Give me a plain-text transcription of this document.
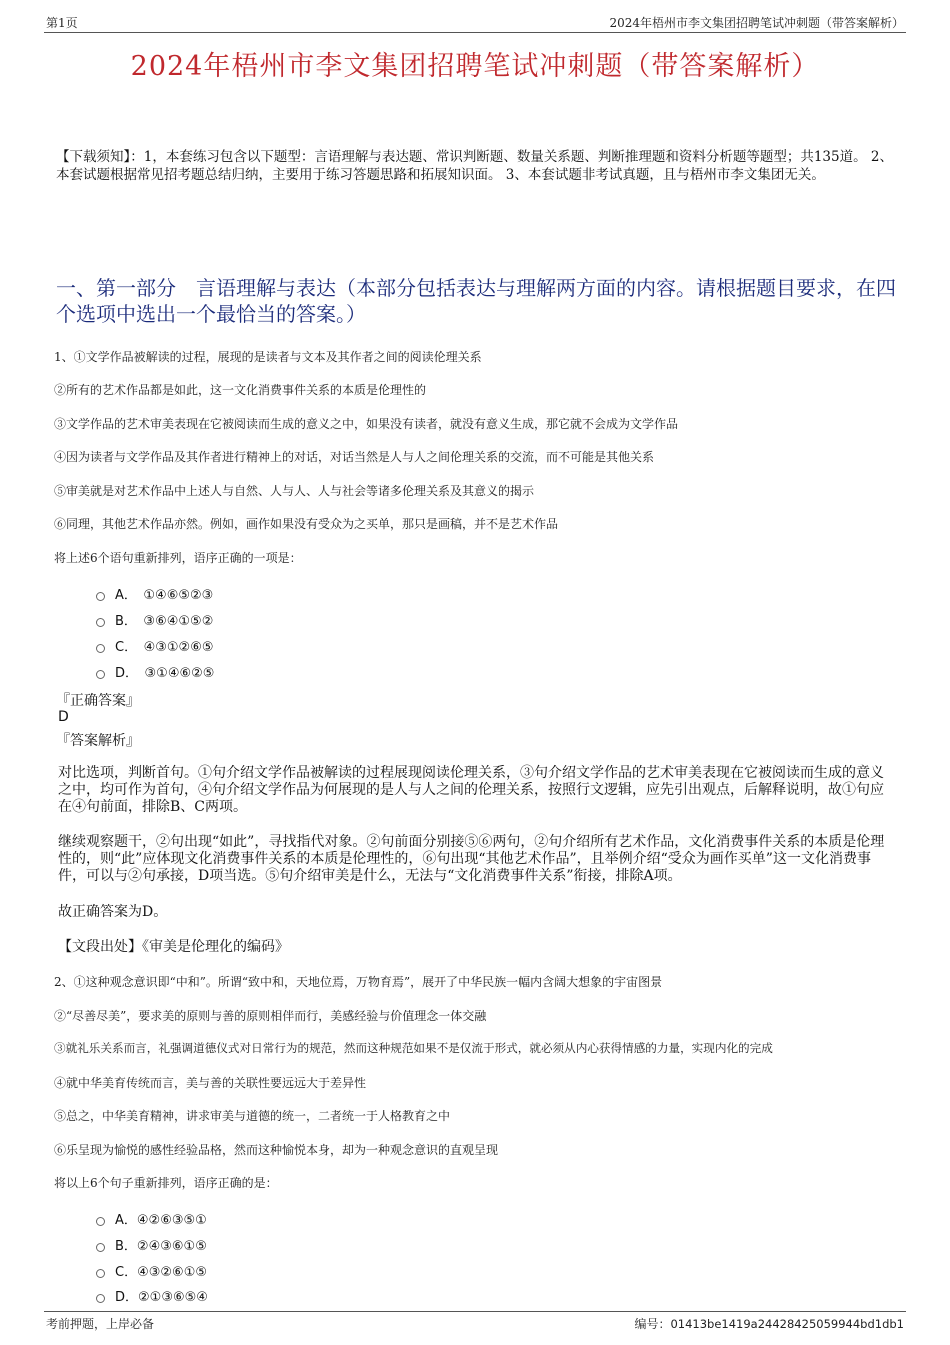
第1页	2024年梧州市李文集团招聘笔试冲刺题（带答案解析）
2024年梧州市李文集团招聘笔试冲刺题（带答案解析）
【下载须知】：1，本套练习包含以下题型：言语理解与表达题、常识判断题、数量关系题、判断推理题和资料分析题等题型；共135道。 2、本套试题根据常见招考题总结归纳，主要用于练习答题思路和拓展知识面。 3、本套试题非考试真题，且与梧州市李文集团无关。
一、第一部分　言语理解与表达（本部分包括表达与理解两方面的内容。请根据题目要求，在四个选项中选出一个最恰当的答案。）
1、①文学作品被解读的过程，展现的是读者与文本及其作者之间的阅读伦理关系
②所有的艺术作品都是如此，这一文化消费事件关系的本质是伦理性的
③文学作品的艺术审美表现在它被阅读而生成的意义之中，如果没有读者，就没有意义生成，那它就不会成为文学作品
④因为读者与文学作品及其作者进行精神上的对话，对话当然是人与人之间伦理关系的交流，而不可能是其他关系
⑤审美就是对艺术作品中上述人与自然、人与人、人与社会等诸多伦理关系及其意义的揭示
⑥同理，其他艺术作品亦然。例如，画作如果没有受众为之买单，那只是画稿，并不是艺术作品
将上述6个语句重新排列，语序正确的一项是：
A．　①④⑥⑤②③
B．　③⑥④①⑤②
C．　④③①②⑥⑤
D．　③①④⑥②⑤
『正确答案』
D
『答案解析』
对比选项，判断首句。①句介绍文学作品被解读的过程展现阅读伦理关系，③句介绍文学作品的艺术审美表现在它被阅读而生成的意义之中，均可作为首句，④句介绍文学作品为何展现的是人与人之间的伦理关系，按照行文逻辑，应先引出观点，后解释说明，故①句应在④句前面，排除B、C两项。
继续观察题干，②句出现“如此”，寻找指代对象。②句前面分别接⑤⑥两句，②句介绍所有艺术作品，文化消费事件关系的本质是伦理性的，则“此”应体现文化消费事件关系的本质是伦理性的，⑥句出现“其他艺术作品”，且举例介绍“受众为画作买单”这一文化消费事件，可以与②句承接，D项当选。⑤句介绍审美是什么，无法与“文化消费事件关系”衔接，排除A项。
故正确答案为D。
【文段出处】《审美是伦理化的编码》
2、①这种观念意识即“中和”。所谓“致中和，天地位焉，万物育焉”，展开了中华民族一幅内含阔大想象的宇宙图景
②“尽善尽美”，要求美的原则与善的原则相伴而行，美感经验与价值理念一体交融
③就礼乐关系而言，礼强调道德仪式对日常行为的规范，然而这种规范如果不是仅流于形式，就必须从内心获得情感的力量，实现内化的完成
④就中华美育传统而言，美与善的关联性要远远大于差异性
⑤总之，中华美育精神，讲求审美与道德的统一，二者统一于人格教育之中
⑥乐呈现为愉悦的感性经验品格，然而这种愉悦本身，却为一种观念意识的直观呈现
将以上6个句子重新排列，语序正确的是：
A．④②⑥③⑤①
B．②④③⑥①⑤
C．④③②⑥①⑤
D．②①③⑥⑤④
考前押题，上岸必备	编号：01413be1419a24428425059944bd1db1
